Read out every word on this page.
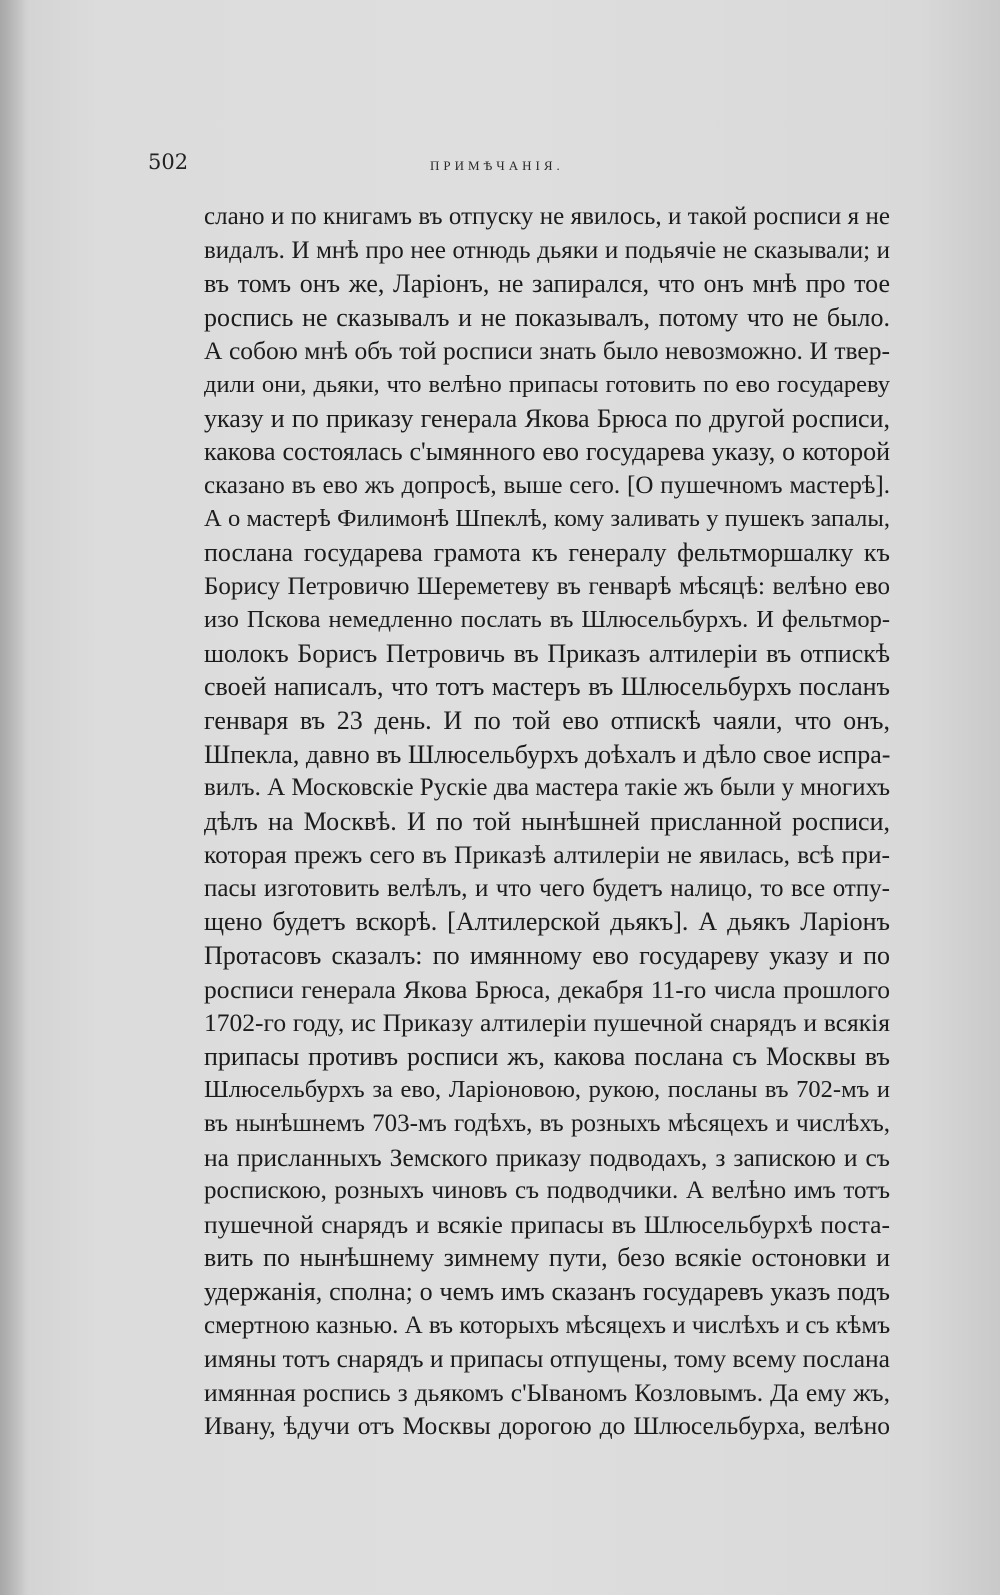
502	ПРИМѢЧАНІЯ.
слано и по книгамъ въ отпуску не явилось, и такой росписи я не
видалъ. И мнѣ про нее отнюдь дьяки и подьячіе не сказывали; и
въ томъ онъ же, Ларіонъ, не запирался, что онъ мнѣ про тое
роспись не сказывалъ и не показывалъ, потому что не было.
А собою мнѣ объ той росписи знать было невозможно. И твер-
дили они, дьяки, что велѣно припасы готовить по ево государеву
указу и по приказу генерала Якова Брюса по другой росписи,
какова состоялась с'ымянного ево государева указу, о которой
сказано въ ево жъ допросѣ, выше сего. [О пушечномъ мастерѣ].
А о мастерѣ Филимонѣ Шпеклѣ, кому заливать у пушекъ запалы,
послана государева грамота къ генералу фельтморшалку къ
Борису Петровичю Шереметеву въ генварѣ мѣсяцѣ: велѣно ево
изо Пскова немедленно послать въ Шлюсельбурхъ. И фельтмор-
шолокъ Борисъ Петровичь въ Приказъ алтилеріи въ отпискѣ
своей написалъ, что тотъ мастеръ въ Шлюсельбурхъ посланъ
генваря въ 23 день. И по той ево отпискѣ чаяли, что онъ,
Шпекла, давно въ Шлюсельбурхъ доѣхалъ и дѣло свое испра-
вилъ. А Московскіе Рускіе два мастера такіе жъ были у многихъ
дѣлъ на Москвѣ. И по той нынѣшней присланной росписи,
которая прежъ сего въ Приказѣ алтилеріи не явилась, всѣ при-
пасы изготовить велѣлъ, и что чего будетъ налицо, то все отпу-
щено будетъ вскорѣ. [Алтилерской дьякъ]. А дьякъ Ларіонъ
Протасовъ сказалъ: по имянному ево государеву указу и по
росписи генерала Якова Брюса, декабря 11-го числа прошлого
1702-го году, ис Приказу алтилеріи пушечной снарядъ и всякія
припасы противъ росписи жъ, какова послана съ Москвы въ
Шлюсельбурхъ за ево, Ларіоновою, рукою, посланы въ 702-мъ и
въ нынѣшнемъ 703-мъ годѣхъ, въ розныхъ мѣсяцехъ и числѣхъ,
на присланныхъ Земского приказу подводахъ, з запискою и съ
роспискою, розныхъ чиновъ съ подводчики. А велѣно имъ тотъ
пушечной снарядъ и всякіе припасы въ Шлюсельбурхѣ поста-
вить по нынѣшнему зимнему пути, безо всякіе остоновки и
удержанія, сполна; о чемъ имъ сказанъ государевъ указъ подъ
смертною казнью. А въ которыхъ мѣсяцехъ и числѣхъ и съ кѣмъ
имяны тотъ снарядъ и припасы отпущены, тому всему послана
имянная роспись з дьякомъ с'Ываномъ Козловымъ. Да ему жъ,
Ивану, ѣдучи отъ Москвы дорогою до Шлюсельбурха, велѣно
